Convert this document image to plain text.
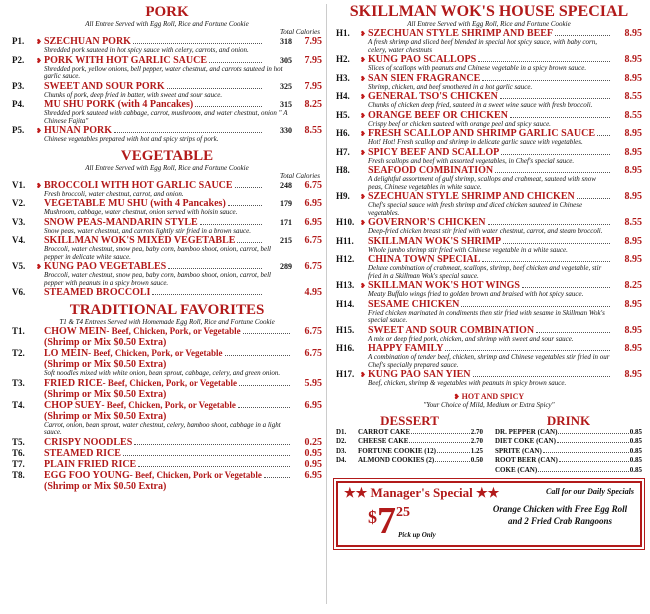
PORK
All Entree Served with Egg Roll, Rice and Fortune Cookie
Total Calories
P1.	❥ SZECHUAN PORK	318	7.95
Shredded pork sauteed in hot spicy sauce with celery, carrots, and onion.
P2.	❥ PORK WITH HOT GARLIC SAUCE	305	7.95
Shredded pork, yellow onions, bell pepper, water chestnut, and carrots sauteed in hot garlic sauce.
P3.	SWEET AND SOUR PORK	325	7.95
Chunks of pork, deep fried in batter, with sweet and sour sauce.
P4.	MU SHU PORK (with 4 Pancakes)	315	8.25
Shredded pork sauteed with cabbage, carrot, mushroom, and water chestnut, onion " A Chinese Fajita"
P5.	❥ HUNAN PORK	330	8.55
Chinese vegetables prepared with hot and spicy strips of pork.
VEGETABLE
All Entree Served with Egg Roll, Rice and Fortune Cookie
Total Calories
V1.	❥ BROCCOLI WITH HOT GARLIC SAUCE	248	6.75
Fresh broccoli, water chestnut, carrot, and onion.
V2.	VEGETABLE MU SHU (with 4 Pancakes)	179	6.95
Mushroom, cabbage, water chestnut, onion served with hoisin sauce.
V3.	SNOW PEAS-MANDARIN STYLE	171	6.95
Snow peas, water chestnut, and carrots lightly stir fried in a brown sauce.
V4.	SKILLMAN WOK'S MIXED VEGETABLE	215	6.75
Broccoli, water chestnut, snow pea, baby corn, bamboo shoot, onion, carrot, bell pepper in delicate white sauce.
V5.	❥ KUNG PAO VEGETABLES	289	6.75
Broccoli, water chestnut, snow pea, baby corn, bamboo shoot, onion, carrot, bell pepper with peanuts in a spicy brown sauce.
V6.	STEAMED BROCCOLI	4.95
TRADITIONAL FAVORITES
T1 & T4 Entrees Served with Homemade Egg Roll, Rice and Fortune Cookie
T1.	CHOW MEIN - Beef, Chicken, Pork, or Vegetable	6.75
(Shrimp or Mix $0.50 Extra)
T2.	LO MEIN - Beef, Chicken, Pork, or Vegetable	6.75
(Shrimp or Mix $0.50 Extra)
Soft noodles mixed with white onion, bean sprout, cabbage, celery, and green onion.
T3.	FRIED RICE - Beef, Chicken, Pork, or Vegetable	5.95
(Shrimp or Mix $0.50 Extra)
T4.	CHOP SUEY - Beef, Chicken, Pork, or Vegetable	6.95
(Shrimp or Mix $0.50 Extra)
Carrot, onion, bean sprout, water chestnut, celery, bamboo shoot, cabbage in a light sauce.
T5.	CRISPY NOODLES	0.25
T6.	STEAMED RICE	0.95
T7.	PLAIN FRIED RICE	0.95
T8.	EGG FOO YOUNG - Beef, Chicken, Pork or Vegetable	6.95
(Shrimp or Mix $0.50 Extra)
SKILLMAN WOK'S HOUSE SPECIAL
All Entree Served with Egg Roll, Rice and Fortune Cookie
H1.	❥ SZECHUAN STYLE SHRIMP AND BEEF	8.95
A fresh shrimp and sliced beef blended in special hot spicy sauce, with baby corn, celery, water chestnuts
H2.	❥ KUNG PAO SCALLOPS	8.95
Slices of scallops with peanuts and Chinese vegetable in a spicy brown sauce.
H3.	❥ SAN SIEN FRAGRANCE	8.95
Shrimp, chicken, and beef smothered in a hot garlic sauce.
H4.	❥ GENERAL TSO'S CHICKEN	8.55
Chunks of chicken deep fried, sauteed in a sweet wine sauce with fresh broccoli.
H5.	❥ ORANGE BEEF OR CHICKEN	8.55
Crispy beef or chicken sauteed with orange peel and spicy sauce.
H6.	❥ FRESH SCALLOP AND SHRIMP GARLIC SAUCE	8.95
Hot! Hot! Fresh scallop and shrimp in delicate garlic sauce with vegetables.
H7.	❥ SPICY BEEF AND SCALLOP	8.95
Fresh scallops and beef with assorted vegetables, in Chef's special sauce.
H8.	SEAFOOD COMBINATION	8.95
A delightful assortment of gulf shrimp, scallops and crabmeat, sauteed with snow peas, Chinese vegetables in white sauce.
H9.	❥ SZECHUAN STYLE SHRIMP AND CHICKEN	8.95
Chef's special sauce with fresh shrimp and diced chicken sauteed in Chinese vegetables.
H10. ❥ GOVERNOR'S CHICKEN	8.55
Deep-fried chicken breast stir fried with water chestnut, carrot, and steam broccoli.
H11.	SKILLMAN WOK'S SHRIMP	8.95
Whole jumbo shrimp stir fried with Chinese vegetable in a white sauce.
H12.	CHINA TOWN SPECIAL	8.95
Deluxe combination of crabmeat, scallops, shrimp, beef chicken and vegetable, stir fried in a Skillman Wok's special sauce.
H13. ❥ SKILLMAN WOK'S HOT WINGS	8.25
Meaty Buffalo wings fried to golden brown and braised with hot spicy sauce.
H14.	SESAME CHICKEN	8.95
Fried chicken marinated in condiments then stir fried with sesame in Skillman Wok's special sauce.
H15.	SWEET AND SOUR COMBINATION	8.95
A mix or deep fried pork, chicken, and shrimp with sweet and sour sauce.
H16.	HAPPY FAMILY	8.95
A combination of tender beef, chicken, shrimp and Chinese vegetables stir fried in our Chef's specially prepared sauce.
H17. ❥ KUNG PAO SAN YIEN	8.95
Beef, chicken, shrimp & vegetables with peanuts in spicy brown sauce.
❥ HOT AND SPICY
"Your Choice of Mild, Medium or Extra Spicy"
DESSERT
D1.	CARROT CAKE	2.70
D2.	CHEESE CAKE	2.70
D3.	FORTUNE COOKIE (12)	1.25
D4.	ALMOND COOKIES (2)	0.50
DRINK
DR. PEPPER (CAN)	0.85
DIET COKE (CAN)	0.85
SPRITE (CAN)	0.85
ROOT BEER (CAN)	0.85
COKE (CAN)	0.85
★★ Manager's Special ★★	Call for our Daily Specials
$725
Pick up Only
Orange Chicken with Free Egg Roll and 2 Fried Crab Rangoons
